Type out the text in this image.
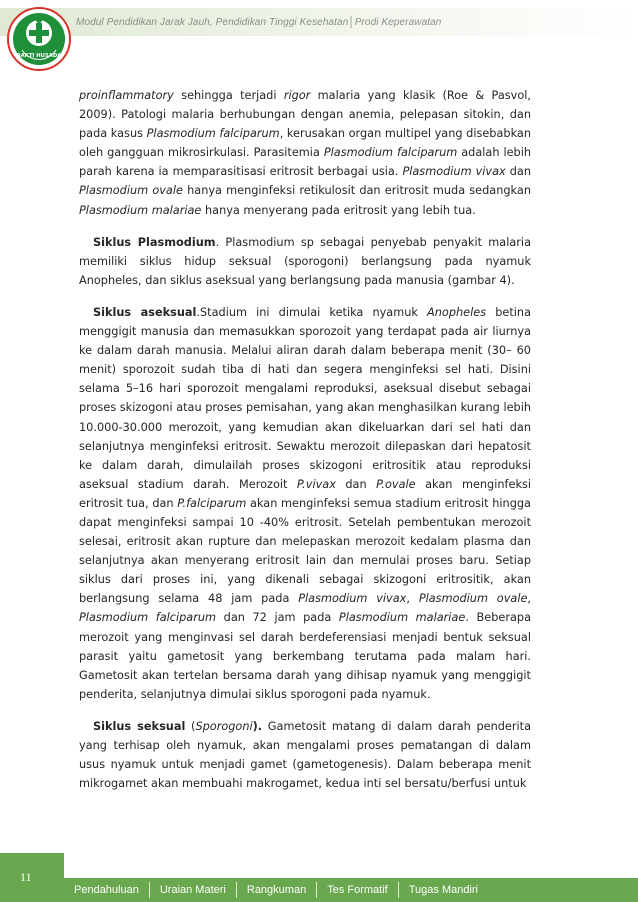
BAKTI HUSADA
Modul Pendidikan Jarak Jauh, Pendidikan Tinggi Kesehatan│Prodi Keperawatan

proinflammatory sehingga terjadi rigor malaria yang klasik (Roe & Pasvol, 2009). Patologi malaria berhubungan dengan anemia, pelepasan sitokin, dan pada kasus Plasmodium falciparum, kerusakan organ multipel yang disebabkan oleh gangguan mikrosirkulasi. Parasitemia Plasmodium falciparum adalah lebih parah karena ia memparasitisasi eritrosit berbagai usia. Plasmodium vivax dan Plasmodium ovale hanya menginfeksi retikulosit dan eritrosit muda sedangkan Plasmodium malariae hanya menyerang pada eritrosit yang lebih tua.

Siklus Plasmodium. Plasmodium sp sebagai penyebab penyakit malaria memiliki siklus hidup seksual (sporogoni) berlangsung pada nyamuk Anopheles, dan siklus aseksual yang berlangsung pada manusia (gambar 4).

Siklus aseksual.Stadium ini dimulai ketika nyamuk Anopheles betina menggigit manusia dan memasukkan sporozoit yang terdapat pada air liurnya ke dalam darah manusia. Melalui aliran darah dalam beberapa menit (30– 60 menit) sporozoit sudah tiba di hati dan segera menginfeksi sel hati. Disini selama 5–16 hari sporozoit mengalami reproduksi, aseksual disebut sebagai proses skizogoni atau proses pemisahan, yang akan menghasilkan kurang lebih 10.000-30.000 merozoit, yang kemudian akan dikeluarkan dari sel hati dan selanjutnya menginfeksi eritrosit. Sewaktu merozoit dilepaskan dari hepatosit ke dalam darah, dimulailah proses skizogoni eritrositik atau reproduksi aseksual stadium darah. Merozoit P.vivax dan P.ovale akan menginfeksi eritrosit tua, dan P.falciparum akan menginfeksi semua stadium eritrosit hingga dapat menginfeksi sampai 10 -40% eritrosit. Setelah pembentukan merozoit selesai, eritrosit akan rupture dan melepaskan merozoit kedalam plasma dan selanjutnya akan menyerang eritrosit lain dan memulai proses baru. Setiap siklus dari proses ini, yang dikenali sebagai skizogoni eritrositik, akan berlangsung selama 48 jam pada Plasmodium vivax, Plasmodium ovale, Plasmodium falciparum dan 72 jam pada Plasmodium malariae. Beberapa merozoit yang menginvasi sel darah berdeferensiasi menjadi bentuk seksual parasit yaitu gametosit yang berkembang terutama pada malam hari. Gametosit akan tertelan bersama darah yang dihisap nyamuk yang menggigit penderita, selanjutnya dimulai siklus sporogoni pada nyamuk.

Siklus seksual (Sporogoni). Gametosit matang di dalam darah penderita yang terhisap oleh nyamuk, akan mengalami proses pematangan di dalam usus nyamuk untuk menjadi gamet (gametogenesis). Dalam beberapa menit mikrogamet akan membuahi makrogamet, kedua inti sel bersatu/berfusi untuk

11
Pendahuluan	Uraian Materi	Rangkuman	Tes Formatif	Tugas Mandiri
